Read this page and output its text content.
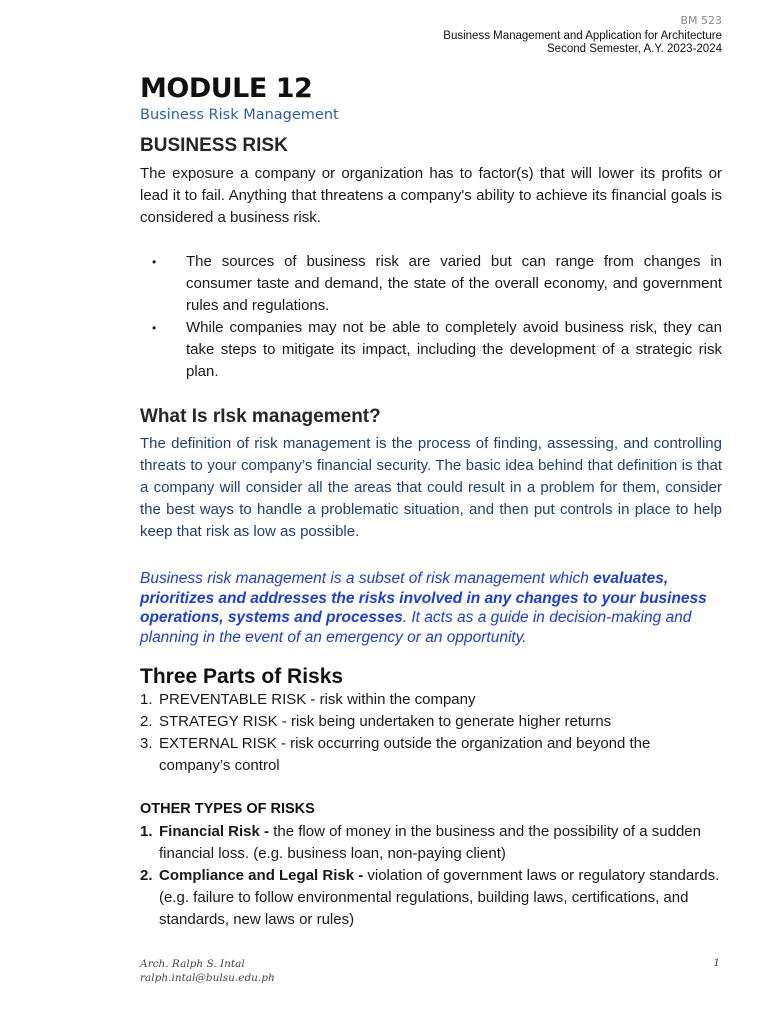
BM 523
Business Management and Application for Architecture
Second Semester, A.Y. 2023-2024
MODULE 12
Business Risk Management
BUSINESS RISK

The exposure a company or organization has to factor(s) that will lower its profits or lead it to fail. Anything that threatens a company's ability to achieve its financial goals is considered a business risk.

• The sources of business risk are varied but can range from changes in consumer taste and demand, the state of the overall economy, and government rules and regulations.
• While companies may not be able to completely avoid business risk, they can take steps to mitigate its impact, including the development of a strategic risk plan.
What Is rIsk management?

The definition of risk management is the process of finding, assessing, and controlling threats to your company’s financial security. The basic idea behind that definition is that a company will consider all the areas that could result in a problem for them, consider the best ways to handle a problematic situation, and then put controls in place to help keep that risk as low as possible.

Business risk management is a subset of risk management which evaluates, prioritizes and addresses the risks involved in any changes to your business operations, systems and processes. It acts as a guide in decision-making and planning in the event of an emergency or an opportunity.

Three Parts of Risks
1. PREVENTABLE RISK - risk within the company
2. STRATEGY RISK - risk being undertaken to generate higher returns
3. EXTERNAL RISK - risk occurring outside the organization and beyond the company’s control
OTHER TYPES OF RISKS
1. Financial Risk - the flow of money in the business and the possibility of a sudden financial loss. (e.g. business loan, non-paying client)
2. Compliance and Legal Risk - violation of government laws or regulatory standards. (e.g. failure to follow environmental regulations, building laws, certifications, and standards, new laws or rules)
Arch. Ralph S. Intal
ralph.intal@bulsu.edu.ph
1
